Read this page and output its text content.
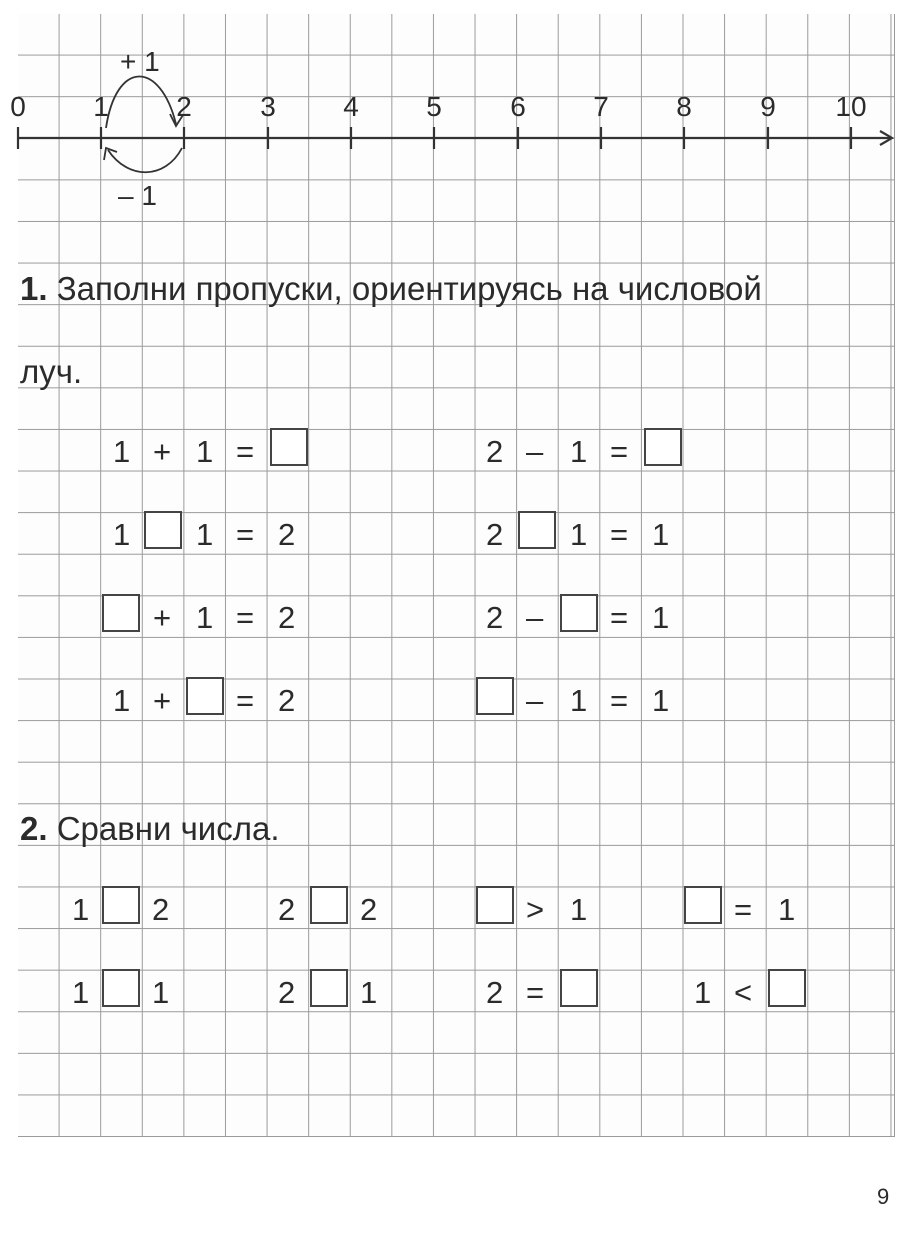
0 1 2 3 4 5 6 7 8 9 10
+ 1
– 1
1. Заполни пропуски, ориентируясь на числовой
луч.
1 + 1 =	2 – 1 =
1 1 = 2	2 1 = 1
+ 1 = 2	2 – = 1
1 + = 2	– 1 = 1
2. Сравни числа.
1 2	2 2	> 1	= 1
1 1	2 1	2 =	1 <
9
